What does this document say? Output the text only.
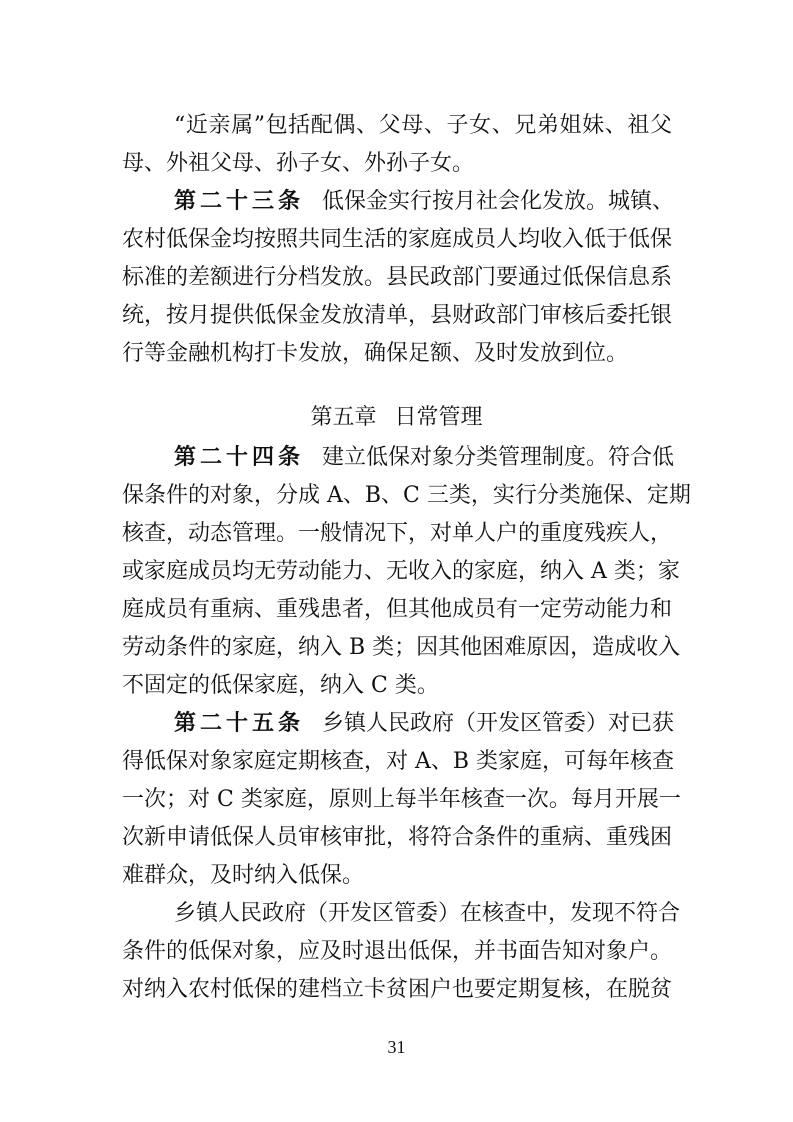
“近亲属”包括配偶、父母、子女、兄弟姐妹、祖父
母、外祖父母、孙子女、外孙子女。
第二十三条 低保金实行按月社会化发放。城镇、
农村低保金均按照共同生活的家庭成员人均收入低于低保
标准的差额进行分档发放。县民政部门要通过低保信息系
统，按月提供低保金发放清单，县财政部门审核后委托银
行等金融机构打卡发放，确保足额、及时发放到位。
第五章 日常管理
第二十四条 建立低保对象分类管理制度。符合低
保条件的对象，分成 A、B、C 三类，实行分类施保、定期
核查，动态管理。一般情况下，对单人户的重度残疾人，
或家庭成员均无劳动能力、无收入的家庭，纳入 A 类；家
庭成员有重病、重残患者，但其他成员有一定劳动能力和
劳动条件的家庭，纳入 B 类；因其他困难原因，造成收入
不固定的低保家庭，纳入 C 类。
第二十五条 乡镇人民政府（开发区管委）对已获
得低保对象家庭定期核查，对 A、B 类家庭，可每年核查
一次；对 C 类家庭，原则上每半年核查一次。每月开展一
次新申请低保人员审核审批，将符合条件的重病、重残困
难群众，及时纳入低保。
乡镇人民政府（开发区管委）在核查中，发现不符合
条件的低保对象，应及时退出低保，并书面告知对象户。
对纳入农村低保的建档立卡贫困户也要定期复核，在脱贫
31
